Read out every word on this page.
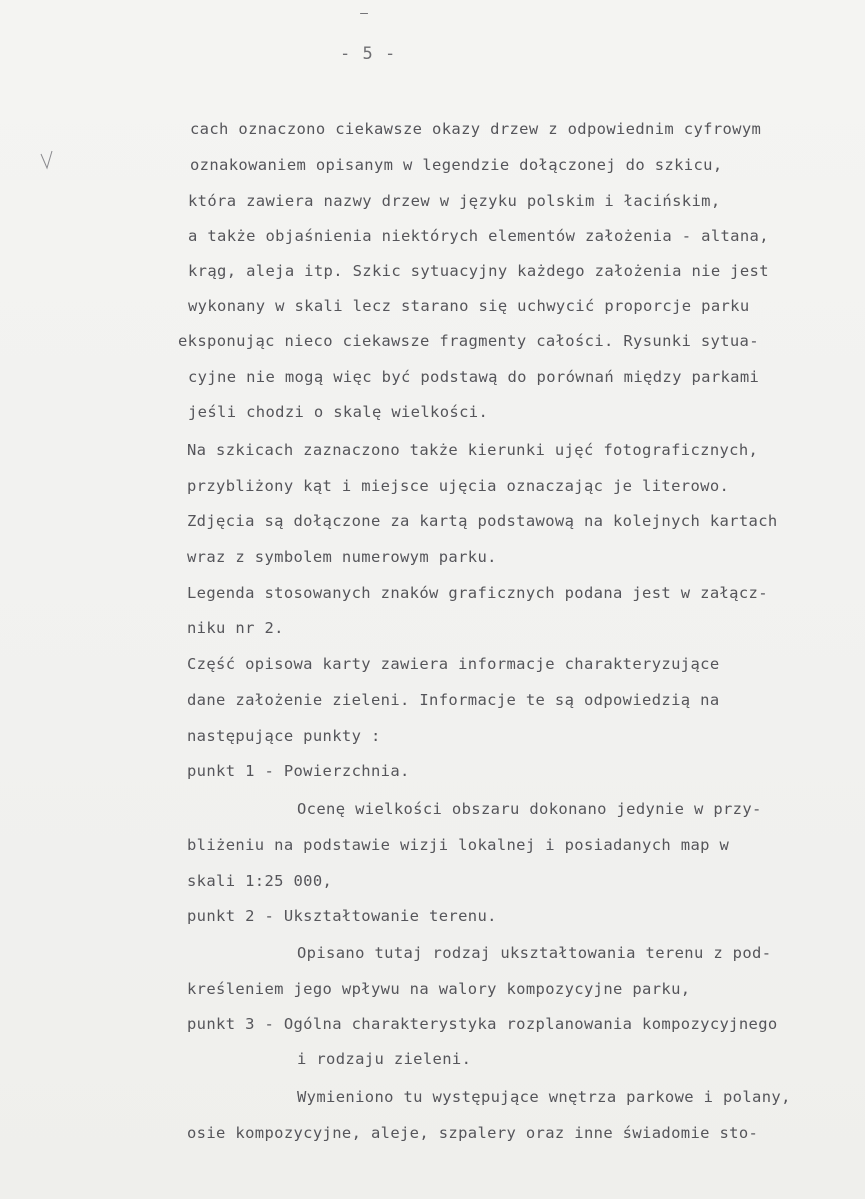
—
- 5 -
cach oznaczono ciekawsze okazy drzew z odpowiednim cyfrowym
oznakowaniem opisanym w legendzie dołączonej do szkicu,
która zawiera nazwy drzew w języku polskim i łacińskim,
a także objaśnienia niektórych elementów założenia - altana,
krąg, aleja itp. Szkic sytuacyjny każdego założenia nie jest
wykonany w skali lecz starano się uchwycić proporcje parku
eksponując nieco ciekawsze fragmenty całości. Rysunki sytua-
cyjne nie mogą więc być podstawą do porównań między parkami
jeśli chodzi o skalę wielkości.
Na szkicach zaznaczono także kierunki ujęć fotograficznych,
przybliżony kąt i miejsce ujęcia oznaczając je literowo.
Zdjęcia są dołączone za kartą podstawową na kolejnych kartach
wraz z symbolem numerowym parku.
Legenda stosowanych znaków graficznych podana jest w załącz-
niku nr 2.
Część opisowa karty zawiera informacje charakteryzujące
dane założenie zieleni. Informacje te są odpowiedzią na
następujące punkty :
punkt 1 - Powierzchnia.
Ocenę wielkości obszaru dokonano jedynie w przy-
bliżeniu na podstawie wizji lokalnej i posiadanych map w
skali 1:25 000,
punkt 2 - Ukształtowanie terenu.
Opisano tutaj rodzaj ukształtowania terenu z pod-
kreśleniem jego wpływu na walory kompozycyjne parku,
punkt 3 - Ogólna charakterystyka rozplanowania kompozycyjnego
i rodzaju zieleni.
Wymieniono tu występujące wnętrza parkowe i polany,
osie kompozycyjne, aleje, szpalery oraz inne świadomie sto-
